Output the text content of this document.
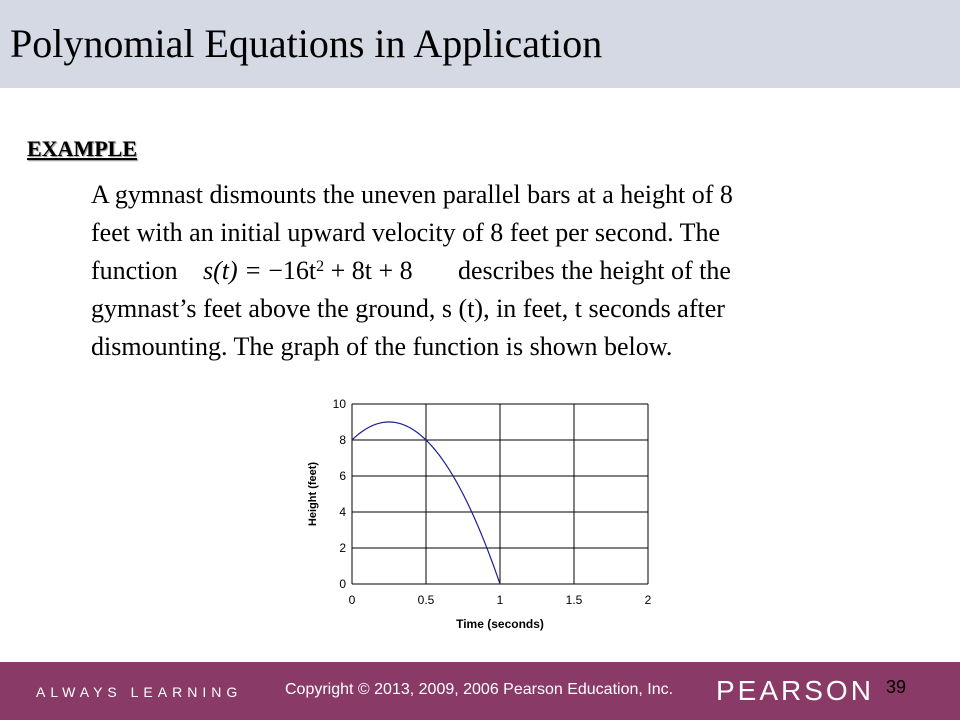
Polynomial Equations in Application
EXAMPLE
A gymnast dismounts the uneven parallel bars at a height of 8
feet with an initial upward velocity of 8 feet per second. The
function $s(t) = -16t^2 + 8t + 8$ describes the height of the
gymnast’s feet above the ground, s (t), in feet, t seconds after
dismounting. The graph of the function is shown below.
0	0.5	1	1.5	2
0
2
4
6
8
10
Time (seconds)
Height (feet)
ALWAYS LEARNING	Copyright © 2013, 2009, 2006 Pearson Education, Inc. PEARSON 39
